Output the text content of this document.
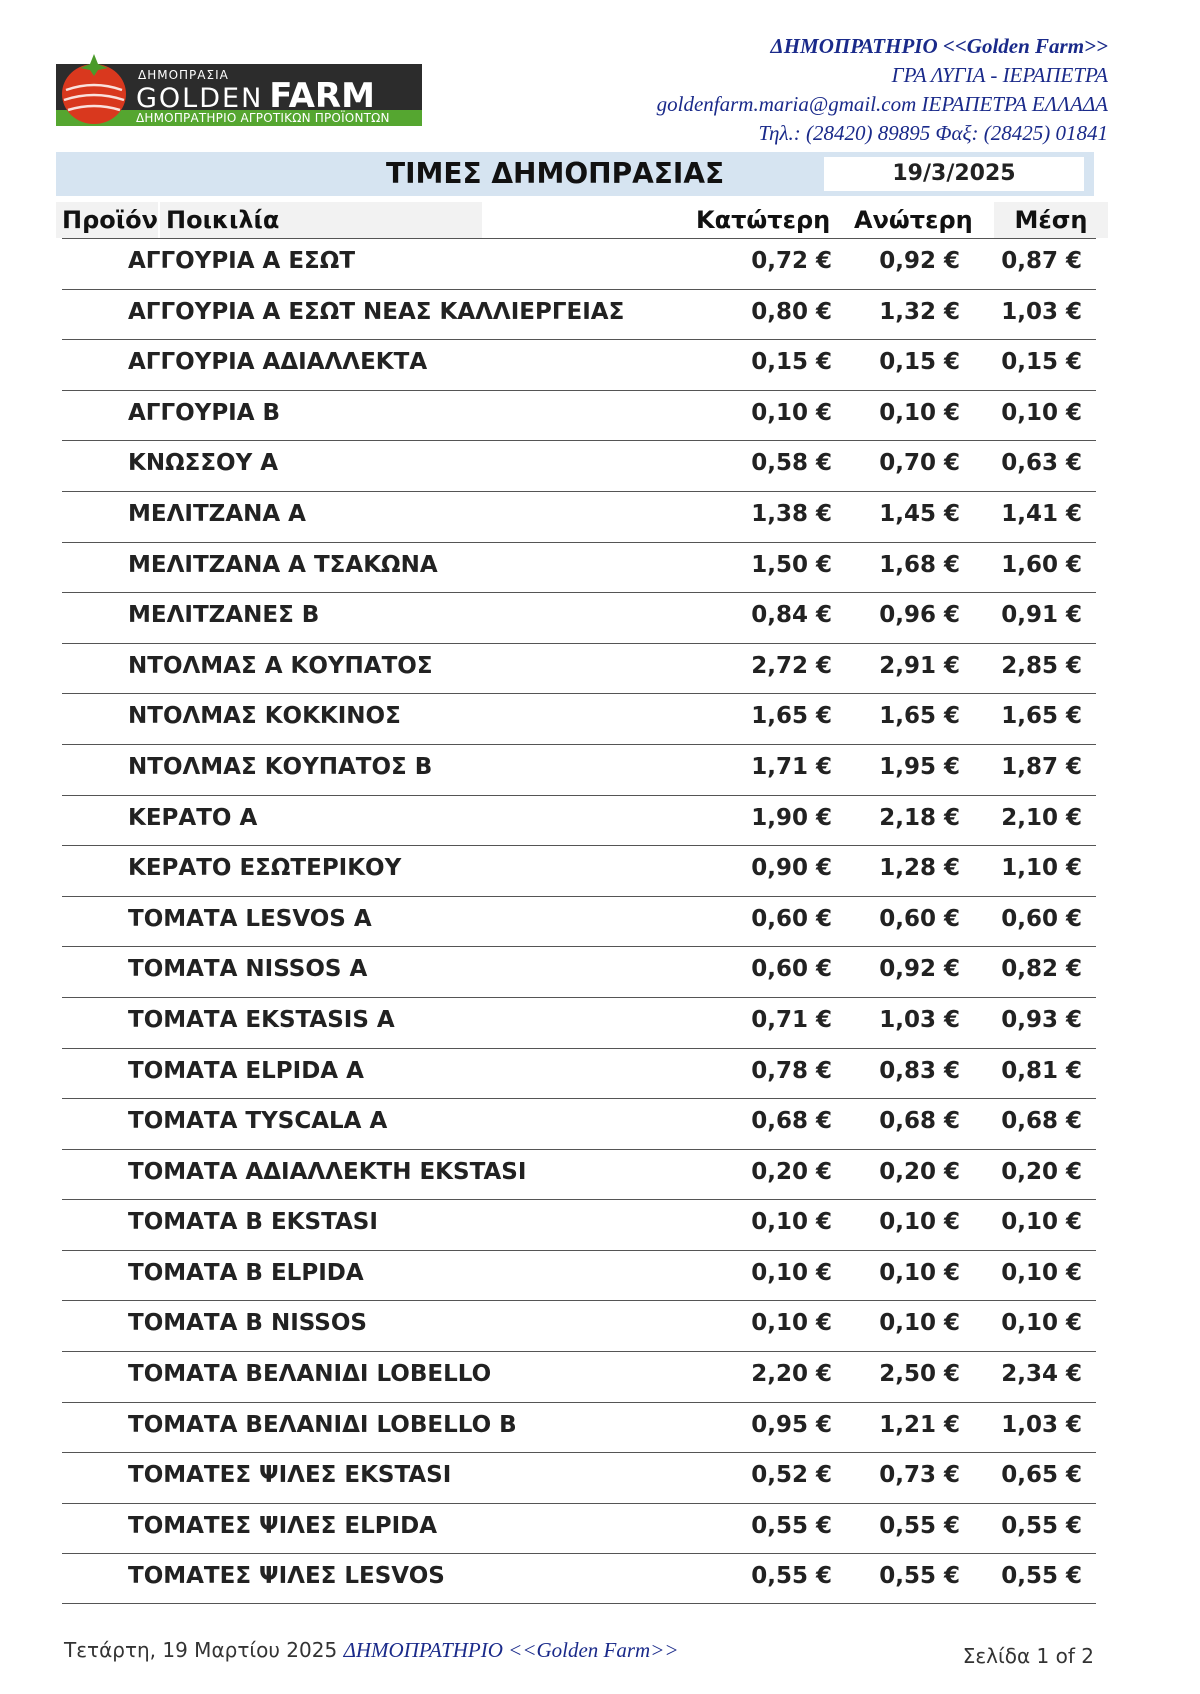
ΔΗΜΟΠΡΑΤΗΡΙΟ ΑΓΡΟΤΙΚΩΝ ΠΡΟΪΟΝΤΩΝ
ΔΗΜΟΠΡΑΣΙΑ
GOLDEN FARM
ΔΗΜΟΠΡΑΤΗΡΙΟ <<Golden Farm>>
ΓΡΑ ΛΥΓΙΑ - ΙΕΡΑΠΕΤΡΑ
goldenfarm.maria@gmail.com ΙΕΡΑΠΕΤΡΑ ΕΛΛΑΔΑ
Τηλ.: (28420) 89895 Φαξ: (28425) 01841
ΤΙΜΕΣ ΔΗΜΟΠΡΑΣΙΑΣ	19/3/2025
Προϊόν Ποικιλία	Κατώτερη Ανώτερη	Μέση
ΑΓΓΟΥΡΙΑ Α ΕΣΩΤ	0,72 €	0,92 €	0,87 €
ΑΓΓΟΥΡΙΑ Α ΕΣΩΤ ΝΕΑΣ ΚΑΛΛΙΕΡΓΕΙΑΣ	0,80 €	1,32 €	1,03 €
ΑΓΓΟΥΡΙΑ ΑΔΙΑΛΛΕΚΤΑ	0,15 €	0,15 €	0,15 €
ΑΓΓΟΥΡΙΑ Β	0,10 €	0,10 €	0,10 €
ΚΝΩΣΣΟΥ Α	0,58 €	0,70 €	0,63 €
ΜΕΛΙΤΖΑΝΑ Α	1,38 €	1,45 €	1,41 €
ΜΕΛΙΤΖΑΝΑ Α ΤΣΑΚΩΝΑ	1,50 €	1,68 €	1,60 €
ΜΕΛΙΤΖΑΝΕΣ Β	0,84 €	0,96 €	0,91 €
ΝΤΟΛΜΑΣ Α ΚΟΥΠΑΤΟΣ	2,72 €	2,91 €	2,85 €
ΝΤΟΛΜΑΣ ΚΟΚΚΙΝΟΣ	1,65 €	1,65 €	1,65 €
ΝΤΟΛΜΑΣ ΚΟΥΠΑΤΟΣ Β	1,71 €	1,95 €	1,87 €
ΚΕΡΑΤΟ Α	1,90 €	2,18 €	2,10 €
ΚΕΡΑΤΟ ΕΣΩΤΕΡΙΚΟΥ	0,90 €	1,28 €	1,10 €
ΤΟΜΑΤΑ LESVOS A	0,60 €	0,60 €	0,60 €
ΤΟΜΑΤΑ NISSOS A	0,60 €	0,92 €	0,82 €
ΤΟΜΑΤΑ EKSTASIS A	0,71 €	1,03 €	0,93 €
ΤΟΜΑΤΑ ELPIDA A	0,78 €	0,83 €	0,81 €
ΤΟΜΑΤΑ TYSCALA A	0,68 €	0,68 €	0,68 €
ΤΟΜΑΤΑ ΑΔΙΑΛΛΕΚΤΗ EKSTASI	0,20 €	0,20 €	0,20 €
ΤΟΜΑΤΑ B EKSTASI	0,10 €	0,10 €	0,10 €
ΤΟΜΑΤΑ B ELPIDA	0,10 €	0,10 €	0,10 €
ΤΟΜΑΤΑ B NISSOS	0,10 €	0,10 €	0,10 €
ΤΟΜΑΤΑ ΒΕΛΑΝΙΔΙ LOBELLO	2,20 €	2,50 €	2,34 €
ΤΟΜΑΤΑ ΒΕΛΑΝΙΔΙ LOBELLO B	0,95 €	1,21 €	1,03 €
ΤΟΜΑΤΕΣ ΨΙΛΕΣ EKSTASI	0,52 €	0,73 €	0,65 €
ΤΟΜΑΤΕΣ ΨΙΛΕΣ ELPIDA	0,55 €	0,55 €	0,55 €
ΤΟΜΑΤΕΣ ΨΙΛΕΣ LESVOS	0,55 €	0,55 €	0,55 €
Τετάρτη, 19 Μαρτίου 2025 ΔΗΜΟΠΡΑΤΗΡΙΟ <<Golden Farm>>	Σελίδα 1 of 2
